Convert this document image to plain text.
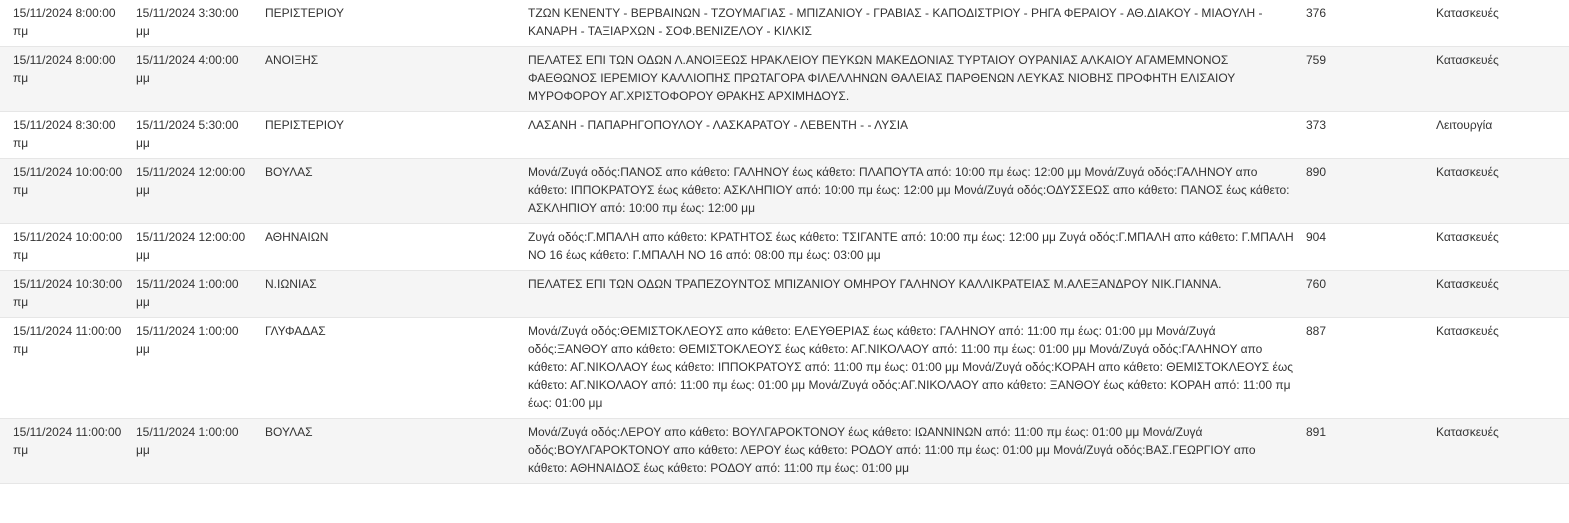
15/11/2024 8:00:00 πμ	15/11/2024 3:30:00 μμ	ΠΕΡΙΣΤΕΡΙΟΥ	ΤΖΩΝ ΚΕΝΕΝΤΥ - ΒΕΡΒΑΙΝΩΝ - ΤΖΟΥΜΑΓΙΑΣ - ΜΠΙΖΑΝΙΟΥ - ΓΡΑΒΙΑΣ - ΚΑΠΟΔΙΣΤΡΙΟΥ - ΡΗΓΑ ΦΕΡΑΙΟΥ - ΑΘ.ΔΙΑΚΟΥ - ΜΙΑΟΥΛΗ - ΚΑΝΑΡΗ - ΤΑΞΙΑΡΧΩΝ - ΣΟΦ.ΒΕΝΙΖΕΛΟΥ - ΚΙΛΚΙΣ	376	Κατασκευές
15/11/2024 8:00:00 πμ	15/11/2024 4:00:00 μμ	ΑΝΟΙΞΗΣ	ΠΕΛΑΤΕΣ ΕΠΙ ΤΩΝ ΟΔΩΝ Λ.ΑΝΟΙΞΕΩΣ ΗΡΑΚΛΕΙΟΥ ΠΕΥΚΩΝ ΜΑΚΕΔΟΝΙΑΣ ΤΥΡΤΑΙΟΥ ΟΥΡΑΝΙΑΣ ΑΛΚΑΙΟΥ ΑΓΑΜΕΜΝΟΝΟΣ ΦΑΕΘΩΝΟΣ ΙΕΡΕΜΙΟΥ ΚΑΛΛΙΟΠΗΣ ΠΡΩΤΑΓΟΡΑ ΦΙΛΕΛΛΗΝΩΝ ΘΑΛΕΙΑΣ ΠΑΡΘΕΝΩΝ ΛΕΥΚΑΣ ΝΙΟΒΗΣ ΠΡΟΦΗΤΗ ΕΛΙΣΑΙΟΥ ΜΥΡΟΦΟΡΟΥ ΑΓ.ΧΡΙΣΤΟΦΟΡΟΥ ΘΡΑΚΗΣ ΑΡΧΙΜΗΔΟΥΣ.	759	Κατασκευές
15/11/2024 8:30:00 πμ	15/11/2024 5:30:00 μμ	ΠΕΡΙΣΤΕΡΙΟΥ	ΛΑΣΑΝΗ - ΠΑΠΑΡΗΓΟΠΟΥΛΟΥ - ΛΑΣΚΑΡΑΤΟΥ - ΛΕΒΕΝΤΗ - - ΛΥΣΙΑ	373	Λειτουργία
15/11/2024 10:00:00 πμ	15/11/2024 12:00:00 μμ	ΒΟΥΛΑΣ	Μονά/Ζυγά οδός:ΠΑΝΟΣ απο κάθετο: ΓΑΛΗΝΟΥ έως κάθετο: ΠΛΑΠΟΥΤΑ από: 10:00 πμ έως: 12:00 μμ Μονά/Ζυγά οδός:ΓΑΛΗΝΟΥ απο κάθετο: ΙΠΠΟΚΡΑΤΟΥΣ έως κάθετο: ΑΣΚΛΗΠΙΟΥ από: 10:00 πμ έως: 12:00 μμ Μονά/Ζυγά οδός:ΟΔΥΣΣΕΩΣ απο κάθετο: ΠΑΝΟΣ έως κάθετο: ΑΣΚΛΗΠΙΟΥ από: 10:00 πμ έως: 12:00 μμ	890	Κατασκευές
15/11/2024 10:00:00 πμ	15/11/2024 12:00:00 μμ	ΑΘΗΝΑΙΩΝ	Ζυγά οδός:Γ.ΜΠΑΛΗ απο κάθετο: ΚΡΑΤΗΤΟΣ έως κάθετο: ΤΣΙΓΑΝΤΕ από: 10:00 πμ έως: 12:00 μμ Ζυγά οδός:Γ.ΜΠΑΛΗ απο κάθετο: Γ.ΜΠΑΛΗ ΝΟ 16 έως κάθετο: Γ.ΜΠΑΛΗ ΝΟ 16 από: 08:00 πμ έως: 03:00 μμ	904	Κατασκευές
15/11/2024 10:30:00 πμ	15/11/2024 1:00:00 μμ	Ν.ΙΩΝΙΑΣ	ΠΕΛΑΤΕΣ ΕΠΙ ΤΩΝ ΟΔΩΝ ΤΡΑΠΕΖΟΥΝΤΟΣ ΜΠΙΖΑΝΙΟΥ ΟΜΗΡΟΥ ΓΑΛΗΝΟΥ ΚΑΛΛΙΚΡΑΤΕΙΑΣ Μ.ΑΛΕΞΑΝΔΡΟΥ ΝΙΚ.ΓΙΑΝΝΑ.	760	Κατασκευές
15/11/2024 11:00:00 πμ	15/11/2024 1:00:00 μμ	ΓΛΥΦΑΔΑΣ	Μονά/Ζυγά οδός:ΘΕΜΙΣΤΟΚΛΕΟΥΣ απο κάθετο: ΕΛΕΥΘΕΡΙΑΣ έως κάθετο: ΓΑΛΗΝΟΥ από: 11:00 πμ έως: 01:00 μμ Μονά/Ζυγά οδός:ΞΑΝΘΟΥ απο κάθετο: ΘΕΜΙΣΤΟΚΛΕΟΥΣ έως κάθετο: ΑΓ.ΝΙΚΟΛΑΟΥ από: 11:00 πμ έως: 01:00 μμ Μονά/Ζυγά οδός:ΓΑΛΗΝΟΥ απο κάθετο: ΑΓ.ΝΙΚΟΛΑΟΥ έως κάθετο: ΙΠΠΟΚΡΑΤΟΥΣ από: 11:00 πμ έως: 01:00 μμ Μονά/Ζυγά οδός:ΚΟΡΑΗ απο κάθετο: ΘΕΜΙΣΤΟΚΛΕΟΥΣ έως κάθετο: ΑΓ.ΝΙΚΟΛΑΟΥ από: 11:00 πμ έως: 01:00 μμ Μονά/Ζυγά οδός:ΑΓ.ΝΙΚΟΛΑΟΥ απο κάθετο: ΞΑΝΘΟΥ έως κάθετο: ΚΟΡΑΗ από: 11:00 πμ έως: 01:00 μμ	887	Κατασκευές
15/11/2024 11:00:00 πμ	15/11/2024 1:00:00 μμ	ΒΟΥΛΑΣ	Μονά/Ζυγά οδός:ΛΕΡΟΥ απο κάθετο: ΒΟΥΛΓΑΡΟΚΤΟΝΟΥ έως κάθετο: ΙΩΑΝΝΙΝΩΝ από: 11:00 πμ έως: 01:00 μμ Μονά/Ζυγά οδός:ΒΟΥΛΓΑΡΟΚΤΟΝΟΥ απο κάθετο: ΛΕΡΟΥ έως κάθετο: ΡΟΔΟΥ από: 11:00 πμ έως: 01:00 μμ Μονά/Ζυγά οδός:ΒΑΣ.ΓΕΩΡΓΙΟΥ απο κάθετο: ΑΘΗΝΑΙΔΟΣ έως κάθετο: ΡΟΔΟΥ από: 11:00 πμ έως: 01:00 μμ	891	Κατασκευές
